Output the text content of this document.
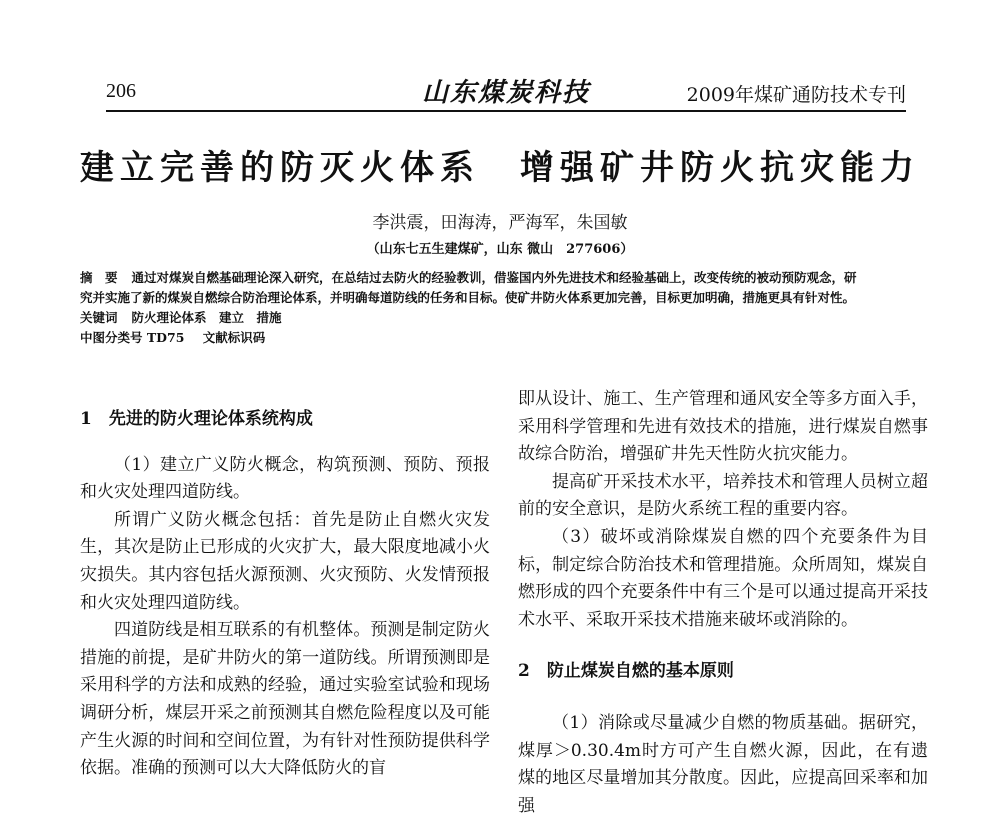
206	山东煤炭科技	2009年煤矿通防技术专刊
建立完善的防灭火体系　增强矿井防火抗灾能力
李洪震，田海涛，严海军，朱国敏
（山东七五生建煤矿，山东 微山　277606）
摘　要 通过对煤炭自燃基础理论深入研究，在总结过去防火的经验教训，借鉴国内外先进技术和经验基础上，改变传统的被动预防观念，研
究并实施了新的煤炭自燃综合防治理论体系，并明确每道防线的任务和目标。使矿井防火体系更加完善，目标更加明确，措施更具有针对性。
关键词 防火理论体系　建立　措施
中图分类号 TD75 文献标识码

1　先进的防火理论体系统构成

（1）建立广义防火概念，构筑预测、预防、预报和火灾处理四道防线。

所谓广义防火概念包括：首先是防止自燃火灾发生，其次是防止已形成的火灾扩大，最大限度地减小火灾损失。其内容包括火源预测、火灾预防、火发情预报和火灾处理四道防线。

四道防线是相互联系的有机整体。预测是制定防火措施的前提，是矿井防火的第一道防线。所谓预测即是采用科学的方法和成熟的经验，通过实验室试验和现场调研分析，煤层开采之前预测其自燃危险程度以及可能产生火源的时间和空间位置，为有针对性预防提供科学依据。准确的预测可以大大降低防火的盲

即从设计、施工、生产管理和通风安全等多方面入手，采用科学管理和先进有效技术的措施，进行煤炭自燃事故综合防治，增强矿井先天性防火抗灾能力。

提高矿开采技术水平，培养技术和管理人员树立超前的安全意识，是防火系统工程的重要内容。

（3）破坏或消除煤炭自燃的四个充要条件为目标，制定综合防治技术和管理措施。众所周知，煤炭自燃形成的四个充要条件中有三个是可以通过提高开采技术水平、采取开采技术措施来破坏或消除的。

2　防止煤炭自燃的基本原则

（1）消除或尽量减少自燃的物质基础。据研究，煤厚＞0.30.4m时方可产生自燃火源，因此，在有遗煤的地区尽量增加其分散度。因此，应提高回采率和加强
